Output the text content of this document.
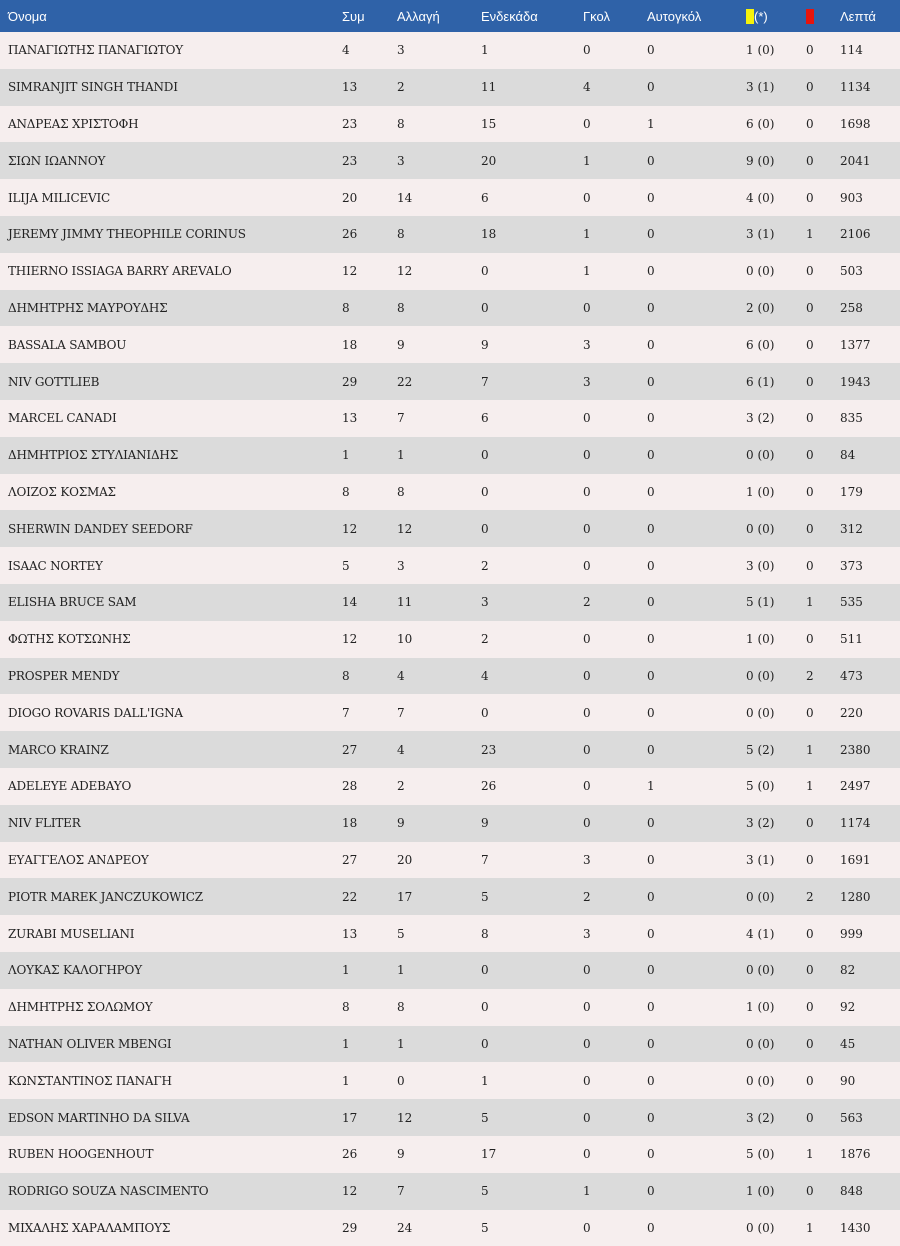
Όνομα	Συμ	Αλλαγή	Ενδεκάδα	Γκολ	Αυτογκόλ	(*)		Λεπτά
ΠΑΝΑΓΙΩΤΗΣ ΠΑΝΑΓΙΩΤΟΥ	4	3	1	0	0	1 (0)	0	114
SIMRANJIT SINGH THANDI	13	2	11	4	0	3 (1)	0	1134
ΑΝΔΡΕΑΣ ΧΡΙΣΤΟΦΗ	23	8	15	0	1	6 (0)	0	1698
ΣΙΩΝ ΙΩΑΝΝΟΥ	23	3	20	1	0	9 (0)	0	2041
ILIJA MILICEVIC	20	14	6	0	0	4 (0)	0	903
JEREMY JIMMY THEOPHILE CORINUS	26	8	18	1	0	3 (1)	1	2106
THIERNO ISSIAGA BARRY AREVALO	12	12	0	1	0	0 (0)	0	503
ΔΗΜΗΤΡΗΣ ΜΑΥΡΟΥΔΗΣ	8	8	0	0	0	2 (0)	0	258
BASSALA SAMBOU	18	9	9	3	0	6 (0)	0	1377
NIV GOTTLIEB	29	22	7	3	0	6 (1)	0	1943
MARCEL CANADI	13	7	6	0	0	3 (2)	0	835
ΔΗΜΗΤΡΙΟΣ ΣΤΥΛΙΑΝΙΔΗΣ	1	1	0	0	0	0 (0)	0	84
ΛΟΙΖΟΣ ΚΟΣΜΑΣ	8	8	0	0	0	1 (0)	0	179
SHERWIN DANDEY SEEDORF	12	12	0	0	0	0 (0)	0	312
ISAAC NORTEY	5	3	2	0	0	3 (0)	0	373
ELISHA BRUCE SAM	14	11	3	2	0	5 (1)	1	535
ΦΩΤΗΣ ΚΟΤΣΩΝΗΣ	12	10	2	0	0	1 (0)	0	511
PROSPER MENDY	8	4	4	0	0	0 (0)	2	473
DIOGO ROVARIS DALL'IGNA	7	7	0	0	0	0 (0)	0	220
MARCO KRAINZ	27	4	23	0	0	5 (2)	1	2380
ADELEYE ADEBAYO	28	2	26	0	1	5 (0)	1	2497
NIV FLITER	18	9	9	0	0	3 (2)	0	1174
ΕΥΑΓΓΕΛΟΣ ΑΝΔΡΕΟΥ	27	20	7	3	0	3 (1)	0	1691
PIOTR MAREK JANCZUKOWICZ	22	17	5	2	0	0 (0)	2	1280
ZURABI MUSELIANI	13	5	8	3	0	4 (1)	0	999
ΛΟΥΚΑΣ ΚΑΛΟΓΗΡΟΥ	1	1	0	0	0	0 (0)	0	82
ΔΗΜΗΤΡΗΣ ΣΟΛΩΜΟΥ	8	8	0	0	0	1 (0)	0	92
NATHAN OLIVER MBENGI	1	1	0	0	0	0 (0)	0	45
ΚΩΝΣΤΑΝΤΙΝΟΣ ΠΑΝΑΓΗ	1	0	1	0	0	0 (0)	0	90
EDSON MARTINHO DA SILVA	17	12	5	0	0	3 (2)	0	563
RUBEN HOOGENHOUT	26	9	17	0	0	5 (0)	1	1876
RODRIGO SOUZA NASCIMENTO	12	7	5	1	0	1 (0)	0	848
ΜΙΧΑΛΗΣ ΧΑΡΑΛΑΜΠΟΥΣ	29	24	5	0	0	0 (0)	1	1430
